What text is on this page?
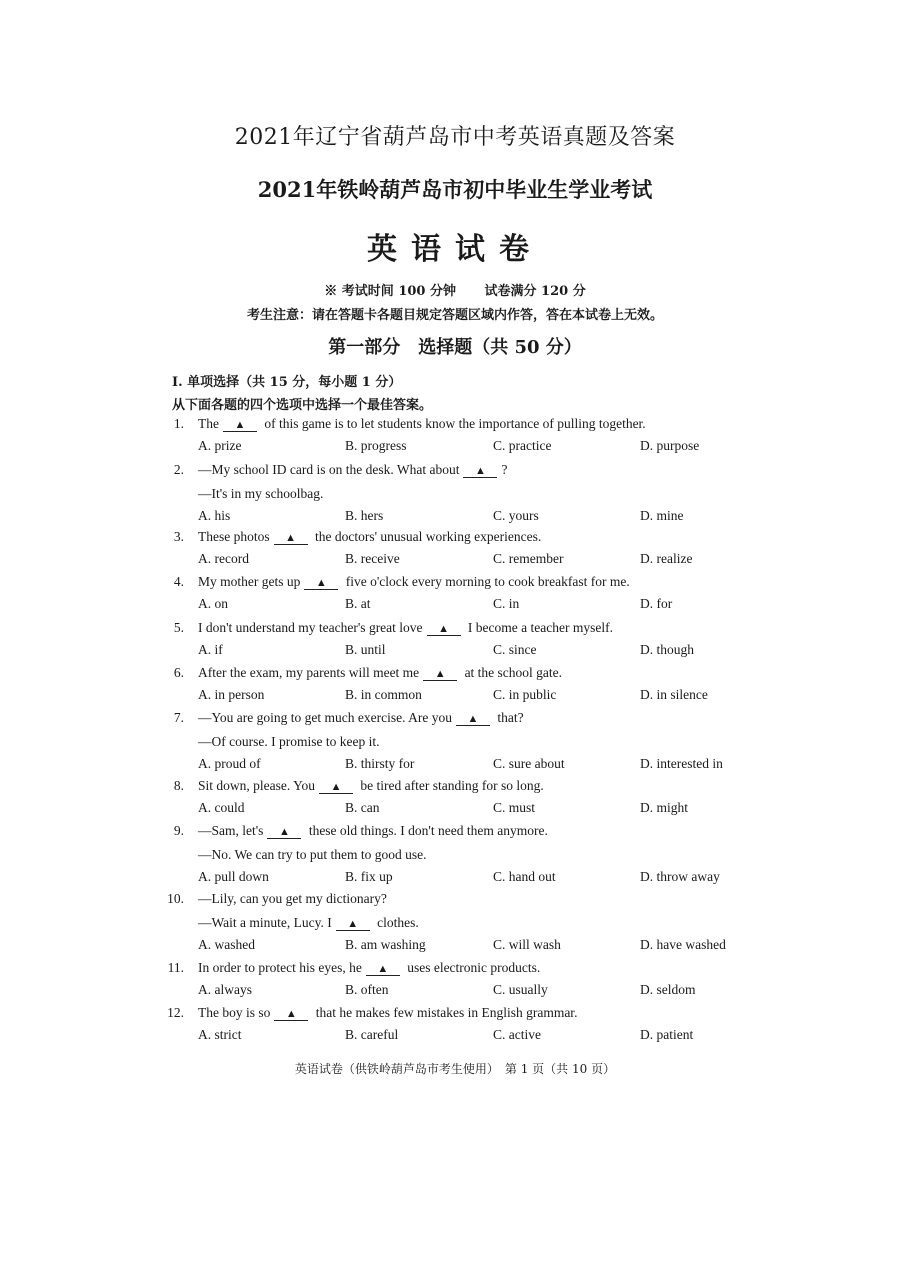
2021年辽宁省葫芦岛市中考英语真题及答案
2021年铁岭葫芦岛市初中毕业生学业考试
英语试卷
※ 考试时间 100 分钟 试卷满分 120 分
考生注意：请在答题卡各题目规定答题区域内作答，答在本试卷上无效。
第一部分　选择题（共 50 分）
Ⅰ. 单项选择（共 15 分，每小题 1 分）
从下面各题的四个选项中选择一个最佳答案。
1. The ▲ of this game is to let students know the importance of pulling together.
A. prize	B. progress	C. practice	D. purpose
2. —My school ID card is on the desk. What about ▲ ?
—It's in my schoolbag.
A. his	B. hers	C. yours	D. mine
3. These photos ▲ the doctors' unusual working experiences.
A. record	B. receive	C. remember	D. realize
4. My mother gets up ▲ five o'clock every morning to cook breakfast for me.
A. on	B. at	C. in	D. for
5. I don't understand my teacher's great love ▲ I become a teacher myself.
A. if	B. until	C. since	D. though
6. After the exam, my parents will meet me ▲ at the school gate.
A. in person	B. in common	C. in public	D. in silence
7. —You are going to get much exercise. Are you ▲ that?
—Of course. I promise to keep it.
A. proud of	B. thirsty for	C. sure about	D. interested in
8. Sit down, please. You ▲ be tired after standing for so long.
A. could	B. can	C. must	D. might
9. —Sam, let's ▲ these old things. I don't need them anymore.
—No. We can try to put them to good use.
A. pull down	B. fix up	C. hand out	D. throw away
10. —Lily, can you get my dictionary?
—Wait a minute, Lucy. I ▲ clothes.
A. washed	B. am washing	C. will wash	D. have washed
11. In order to protect his eyes, he ▲ uses electronic products.
A. always	B. often	C. usually	D. seldom
12. The boy is so ▲ that he makes few mistakes in English grammar.
A. strict	B. careful	C. active	D. patient
英语试卷（供铁岭葫芦岛市考生使用）　第 1 页（共 10 页）
